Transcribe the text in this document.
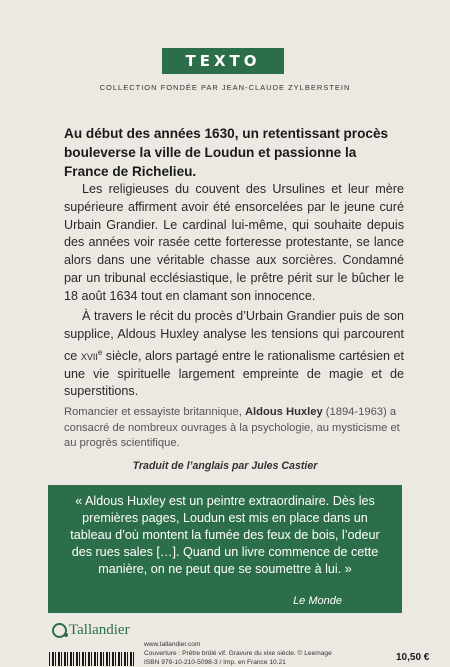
TEXTO
COLLECTION FONDÉE PAR JEAN-CLAUDE ZYLBERSTEIN
Au début des années 1630, un retentissant procès bouleverse la ville de Loudun et passionne la France de Richelieu.
Les religieuses du couvent des Ursulines et leur mère supérieure affirment avoir été ensorcelées par le jeune curé Urbain Grandier. Le cardinal lui-même, qui souhaite depuis des années voir rasée cette forteresse protestante, se lance alors dans une véritable chasse aux sorcières. Condamné par un tribunal ecclésiastique, le prêtre périt sur le bûcher le 18 août 1634 tout en clamant son innocence.
À travers le récit du procès d’Urbain Grandier puis de son supplice, Aldous Huxley analyse les tensions qui parcourent ce xvii$^e$ siècle, alors partagé entre le rationalisme cartésien et une vie spirituelle largement empreinte de magie et de superstitions.
Romancier et essayiste britannique, Aldous Huxley (1894-1963) a consacré de nombreux ouvrages à la psychologie, au mysticisme et au progrès scientifique.
Traduit de l’anglais par Jules Castier
« Aldous Huxley est un peintre extraordinaire. Dès les premières pages, Loudun est mis en place dans un tableau d’où montent la fumée des feux de bois, l’odeur des rues sales […]. Quand un livre commence de cette manière, on ne peut que se soumettre à lui. »
Le Monde
Tallandier
www.tallandier.com
Couverture : Prêtre brûlé vif. Gravure du xixe siècle. © Leemage
ISBN 979-10-210-5098-3 / Imp. en France 10.21	10,50 €
